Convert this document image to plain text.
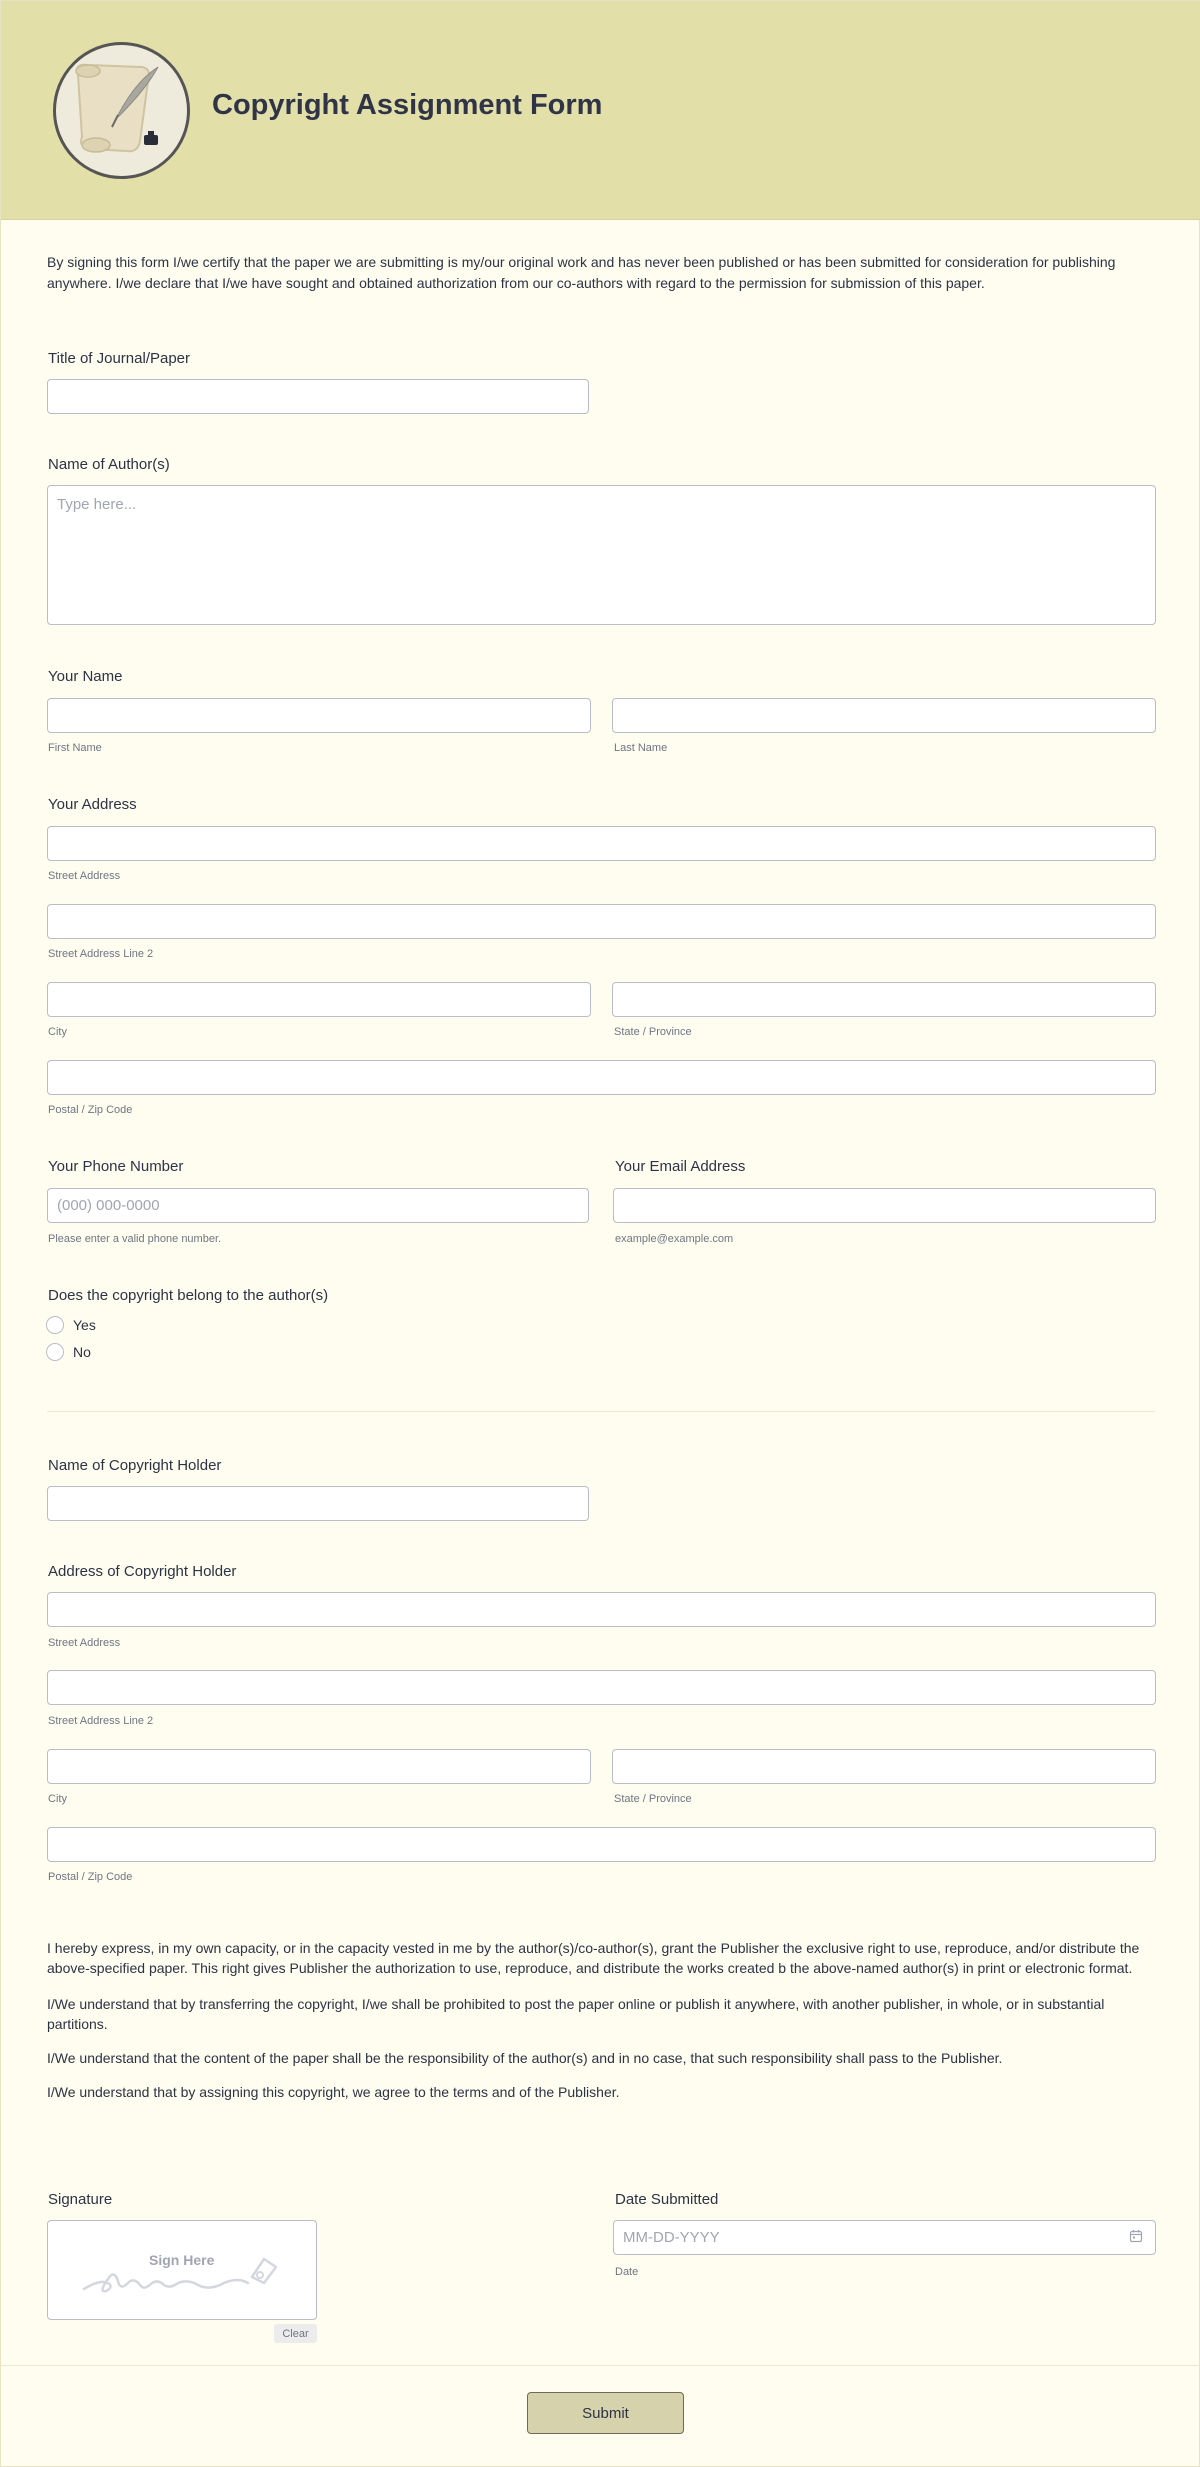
Copyright Assignment Form
By signing this form I/we certify that the paper we are submitting is my/our original work and has never been published or has been submitted for consideration for publishing anywhere. I/we declare that I/we have sought and obtained authorization from our co-authors with regard to the permission for submission of this paper.
Title of Journal/Paper
Name of Author(s)
Type here...
Your Name
First Name	Last Name
Your Address
Street Address
Street Address Line 2
City	State / Province
Postal / Zip Code
Your Phone Number
(000) 000-0000
Please enter a valid phone number.
Your Email Address
example@example.com
Does the copyright belong to the author(s)
Yes
No
Name of Copyright Holder
Address of Copyright Holder
Street Address
Street Address Line 2
City	State / Province
Postal / Zip Code
I hereby express, in my own capacity, or in the capacity vested in me by the author(s)/co-author(s), grant the Publisher the exclusive right to use, reproduce, and/or distribute the above-specified paper. This right gives Publisher the authorization to use, reproduce, and distribute the works created b the above-named author(s) in print or electronic format.
I/We understand that by transferring the copyright, I/we shall be prohibited to post the paper online or publish it anywhere, with another publisher, in whole, or in substantial partitions.
I/We understand that the content of the paper shall be the responsibility of the author(s) and in no case, that such responsibility shall pass to the Publisher.
I/We understand that by assigning this copyright, we agree to the terms and of the Publisher.
Signature
Sign Here
Clear
Date Submitted
MM-DD-YYYY
Date
Submit
